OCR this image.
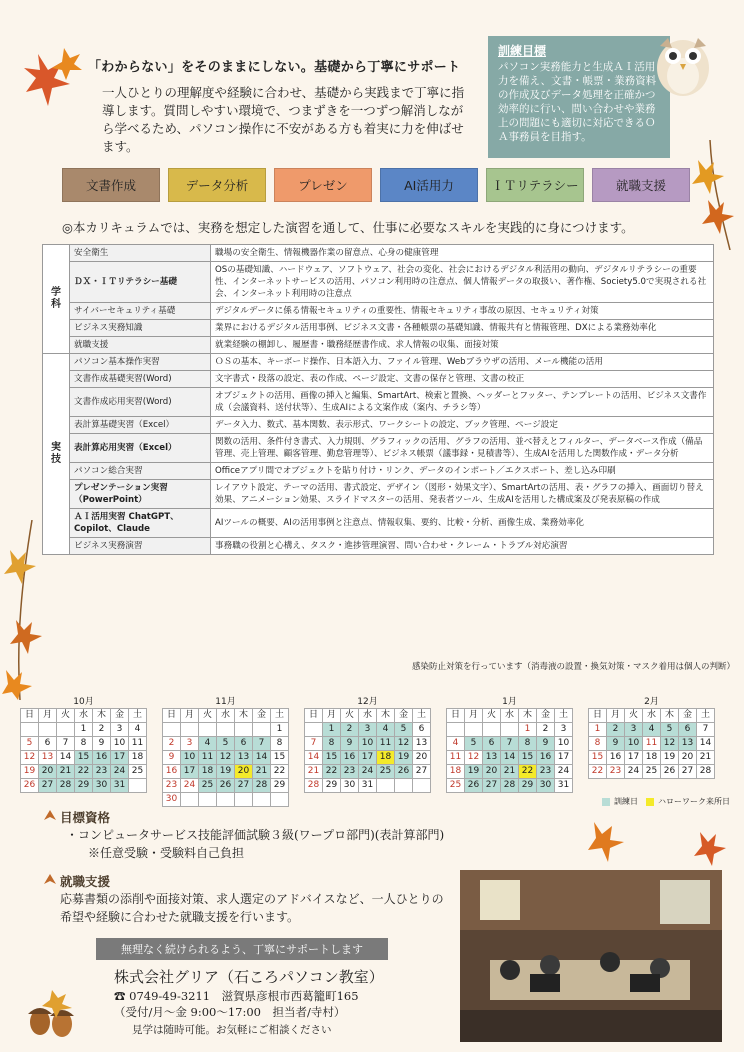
「わからない」をそのままにしない。基礎から丁寧にサポート
一人ひとりの理解度や経験に合わせ、基礎から実践まで丁寧に指導します。質問しやすい環境で、つまずきを一つずつ解消しながら学べるため、パソコン操作に不安がある方も着実に力を伸ばせます。
訓練目標
パソコン実務能力と生成ＡＩ活用力を備え、文書・帳票・業務資料の作成及びデータ処理を正確かつ効率的に行い、問い合わせや業務上の問題にも適切に対応できるＯＡ事務員を目指す。
文書作成	データ分析	プレゼン	AI活用力	ＩＴリテラシー	就職支援
◎本カリキュラムでは、実務を想定した演習を通して、仕事に必要なスキルを実践的に身につけます。
学科	安全衛生	職場の安全衛生、情報機器作業の留意点、心身の健康管理
	ＤＸ・ＩＴリテラシー基礎	OSの基礎知識、ハードウェア、ソフトウェア、社会の変化、社会におけるデジタル利活用の動向、デジタルリテラシーの重要性、インターネットサービスの活用、パソコン利用時の注意点、個人情報データの取扱い、著作権、Society5.0で実現される社会、インターネット利用時の注意点
	サイバーセキュリティ基礎	デジタルデータに係る情報セキュリティの重要性、情報セキュリティ事故の原因、セキュリティ対策
	ビジネス実務知識	業界におけるデジタル活用事例、ビジネス文書・各種帳票の基礎知識、情報共有と情報管理、DXによる業務効率化
	就職支援	就業経験の棚卸し、履歴書・職務経歴書作成、求人情報の収集、面接対策
実技	パソコン基本操作実習	ＯＳの基本、キーボード操作、日本語入力、ファイル管理、Webブラウザの活用、メール機能の活用
	文書作成基礎実習(Word)	文字書式・段落の設定、表の作成、ページ設定、文書の保存と管理、文書の校正
	文書作成応用実習(Word)	オブジェクトの活用、画像の挿入と編集、SmartArt、検索と置換、ヘッダーとフッター、テンプレートの活用、ビジネス文書作成（会議資料、送付状等）、生成AIによる文案作成（案内、チラシ等）
	表計算基礎実習（Excel）	データ入力、数式、基本関数、表示形式、ワークシートの設定、ブック管理、ページ設定
	表計算応用実習（Excel）	関数の活用、条件付き書式、入力規則、グラフィックの活用、グラフの活用、並べ替えとフィルター、データベース作成（備品管理、売上管理、顧客管理、勤怠管理等）、ビジネス帳票（議事録・見積書等）、生成AIを活用した関数作成・データ分析
	パソコン総合実習	Officeアプリ間でオブジェクトを貼り付け・リンク、データのインポート／エクスポート、差し込み印刷
	プレゼンテーション実習（PowerPoint）	レイアウト設定、テーマの活用、書式設定、デザイン（図形・効果文字）、SmartArtの活用、表・グラフの挿入、画面切り替え効果、アニメーション効果、スライドマスターの活用、発表者ツール、生成AIを活用した構成案及び発表原稿の作成
	ＡＩ活用実習 ChatGPT、Copilot、Claude	AIツールの概要、AIの活用事例と注意点、情報収集、要約、比較・分析、画像生成、業務効率化
	ビジネス実務演習	事務職の役割と心構え、タスク・進捗管理演習、問い合わせ・クレーム・トラブル対応演習
感染防止対策を行っています（消毒液の設置・換気対策・マスク着用は個人の判断）
10月
日	月	火	水	木	金	土
			1	2	3	4
5	6	7	8	9	10	11
12	13	14	15	16	17	18
19	20	21	22	23	24	25
26	27	28	29	30	31	
11月
日	月	火	水	木	金	土
						1
2	3	4	5	6	7	8
9	10	11	12	13	14	15
16	17	18	19	20	21	22
23	24	25	26	27	28	29
30						
12月
日	月	火	水	木	金	土
	1	2	3	4	5	6
7	8	9	10	11	12	13
14	15	16	17	18	19	20
21	22	23	24	25	26	27
28	29	30	31			
1月
日	月	火	水	木	金	土
				1	2	3
4	5	6	7	8	9	10
11	12	13	14	15	16	17
18	19	20	21	22	23	24
25	26	27	28	29	30	31
2月
日	月	火	水	木	金	土
1	2	3	4	5	6	7
8	9	10	11	12	13	14
15	16	17	18	19	20	21
22	23	24	25	26	27	28
訓練日	ハローワーク来所日
目標資格
・コンピュータサービス技能評価試験３級(ワープロ部門)(表計算部門)
※任意受験・受験料自己負担
就職支援
応募書類の添削や面接対策、求人選定のアドバイスなど、一人ひとりの希望や経験に合わせた就職支援を行います。
無理なく続けられるよう、丁寧にサポートします
株式会社グリア（石ころパソコン教室）
☎ 0749-49-3211　滋賀県彦根市西葛籠町165
（受付/月～金 9:00～17:00　担当者/寺村）
見学は随時可能。お気軽にご相談ください
